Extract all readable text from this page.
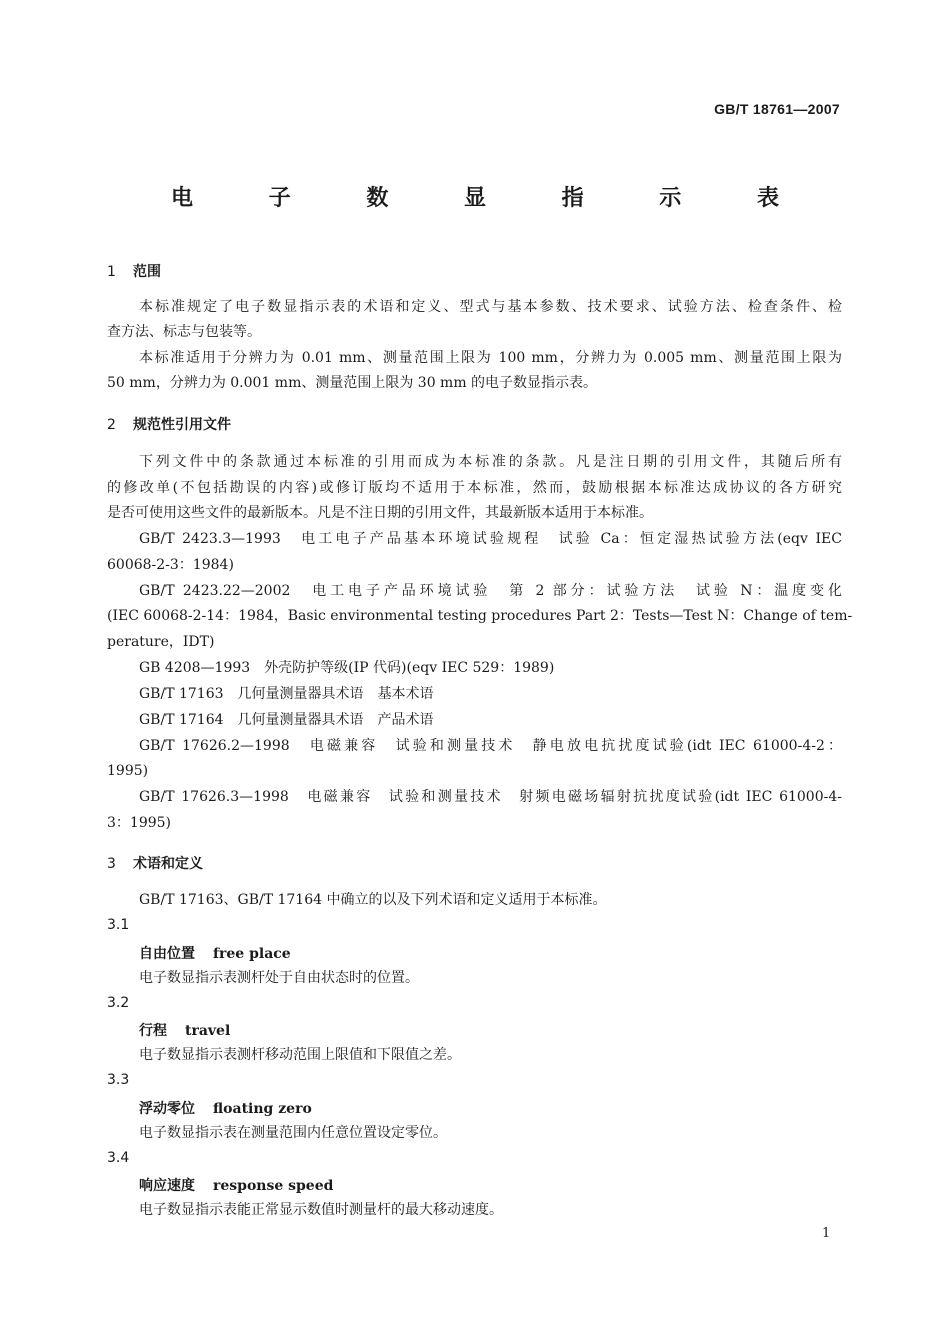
GB/T 18761—2007
电 子 数 显 指 示 表
1 范围
本标准规定了电子数显指示表的术语和定义、型式与基本参数、技术要求、试验方法、检查条件、检
查方法、标志与包装等。
本标准适用于分辨力为 0.01 mm、测量范围上限为 100 mm，分辨力为 0.005 mm、测量范围上限为
50 mm，分辨力为 0.001 mm、测量范围上限为 30 mm 的电子数显指示表。
2 规范性引用文件
下列文件中的条款通过本标准的引用而成为本标准的条款。凡是注日期的引用文件，其随后所有
的修改单(不包括勘误的内容)或修订版均不适用于本标准，然而，鼓励根据本标准达成协议的各方研究
是否可使用这些文件的最新版本。凡是不注日期的引用文件，其最新版本适用于本标准。
GB/T 2423.3—1993　电工电子产品基本环境试验规程　试验 Ca：恒定湿热试验方法(eqv IEC
60068-2-3：1984)
GB/T 2423.22—2002　电工电子产品环境试验　第 2 部分：试验方法　试验 N：温度变化
(IEC 60068-2-14：1984，Basic environmental testing procedures Part 2：Tests—Test N：Change of tem-
perature，IDT)
GB 4208—1993　外壳防护等级(IP 代码)(eqv IEC 529：1989)
GB/T 17163　几何量测量器具术语　基本术语
GB/T 17164　几何量测量器具术语　产品术语
GB/T 17626.2—1998　电磁兼容　试验和测量技术　静电放电抗扰度试验(idt IEC 61000-4-2：
1995)
GB/T 17626.3—1998　电磁兼容　试验和测量技术　射频电磁场辐射抗扰度试验(idt IEC 61000-4-
3：1995)
3 术语和定义
GB/T 17163、GB/T 17164 中确立的以及下列术语和定义适用于本标准。
3.1
自由位置 free place
电子数显指示表测杆处于自由状态时的位置。
3.2
行程 travel
电子数显指示表测杆移动范围上限值和下限值之差。
3.3
浮动零位 floating zero
电子数显指示表在测量范围内任意位置设定零位。
3.4
响应速度 response speed
电子数显指示表能正常显示数值时测量杆的最大移动速度。
1
